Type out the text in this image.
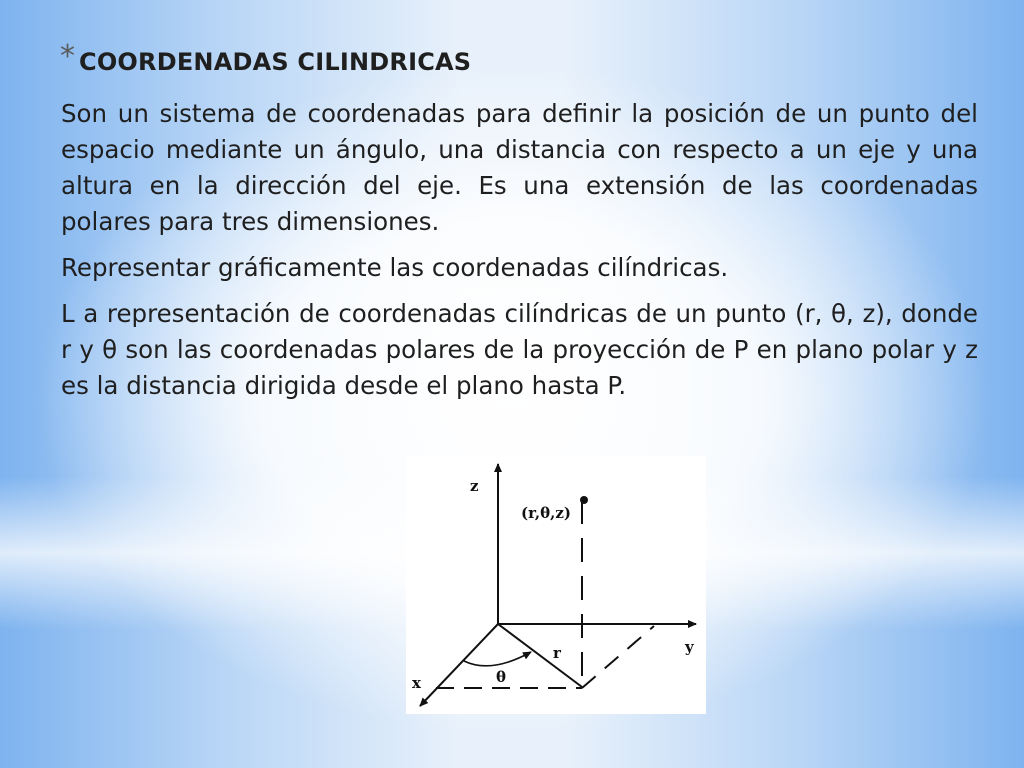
* COORDENADAS CILINDRICAS

Son un sistema de coordenadas para definir la posición de un punto del espacio mediante un ángulo, una distancia con respecto a un eje y una altura en la dirección del eje. Es una extensión de las coordenadas polares para tres dimensiones.

Representar gráficamente las coordenadas cilíndricas.

L a representación de coordenadas cilíndricas de un punto (r, θ, z), donde r y θ son las coordenadas polares de la proyección de P en plano polar y z es la distancia dirigida desde el plano hasta P.

z
y
x
(r,θ,z)
r
θ
